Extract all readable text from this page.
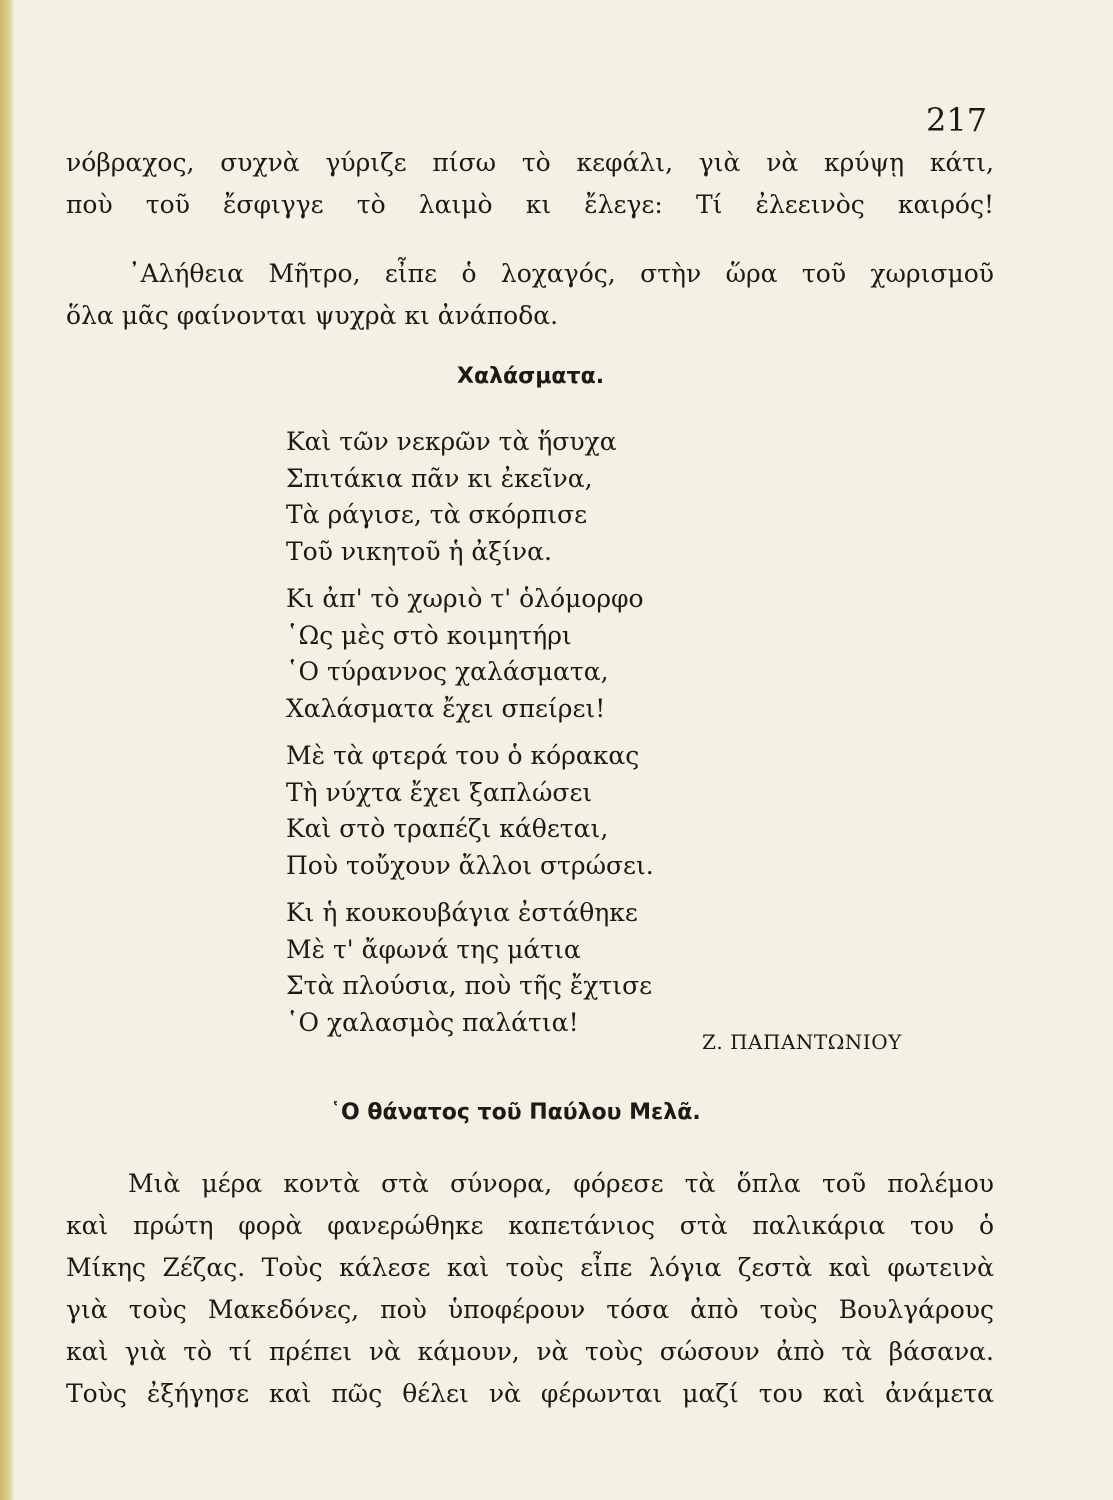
217
νόβραχος, συχνὰ γύριζε πίσω τὸ κεφάλι, γιὰ νὰ κρύψῃ κάτι,
ποὺ τοῦ ἔσφιγγε τὸ λαιμὸ κι ἔλεγε: Τί ἐλεεινὸς καιρός!
᾿Αλήθεια Μῆτρο, εἶπε ὁ λοχαγός, στὴν ὥρα τοῦ χωρισμοῦ
ὅλα μᾶς φαίνονται ψυχρὰ κι ἀνάποδα.
Χαλάσματα.
Καὶ τῶν νεκρῶν τὰ ἥσυχα
Σπιτάκια πᾶν κι ἐκεῖνα,
Τὰ ράγισε, τὰ σκόρπισε
Τοῦ νικητοῦ ἡ ἀξίνα.
Κι ἀπ' τὸ χωριὸ τ' ὁλόμορφο
῾Ως μὲς στὸ κοιμητήρι
῾Ο τύραννος χαλάσματα,
Χαλάσματα ἔχει σπείρει!
Μὲ τὰ φτερά του ὁ κόρακας
Τὴ νύχτα ἔχει ξαπλώσει
Καὶ στὸ τραπέζι κάθεται,
Ποὺ τοὔχουν ἄλλοι στρώσει.
Κι ἡ κουκουβάγια ἐστάθηκε
Μὲ τ' ἄφωνά της μάτια
Στὰ πλούσια, ποὺ τῆς ἔχτισε
῾Ο χαλασμὸς παλάτια!
Ζ. ΠΑΠΑΝΤΩΝΙΟΥ
῾Ο θάνατος τοῦ Παύλου Μελᾶ.
Μιὰ μέρα κοντὰ στὰ σύνορα, φόρεσε τὰ ὅπλα τοῦ πολέμου
καὶ πρώτη φορὰ φανερώθηκε καπετάνιος στὰ παλικάρια του ὁ
Μίκης Ζέζας. Τοὺς κάλεσε καὶ τοὺς εἶπε λόγια ζεστὰ καὶ φωτεινὰ
γιὰ τοὺς Μακεδόνες, ποὺ ὑποφέρουν τόσα ἀπὸ τοὺς Βουλγάρους
καὶ γιὰ τὸ τί πρέπει νὰ κάμουν, νὰ τοὺς σώσουν ἀπὸ τὰ βάσανα.
Τοὺς ἐξήγησε καὶ πῶς θέλει νὰ φέρωνται μαζί του καὶ ἀνάμετα
